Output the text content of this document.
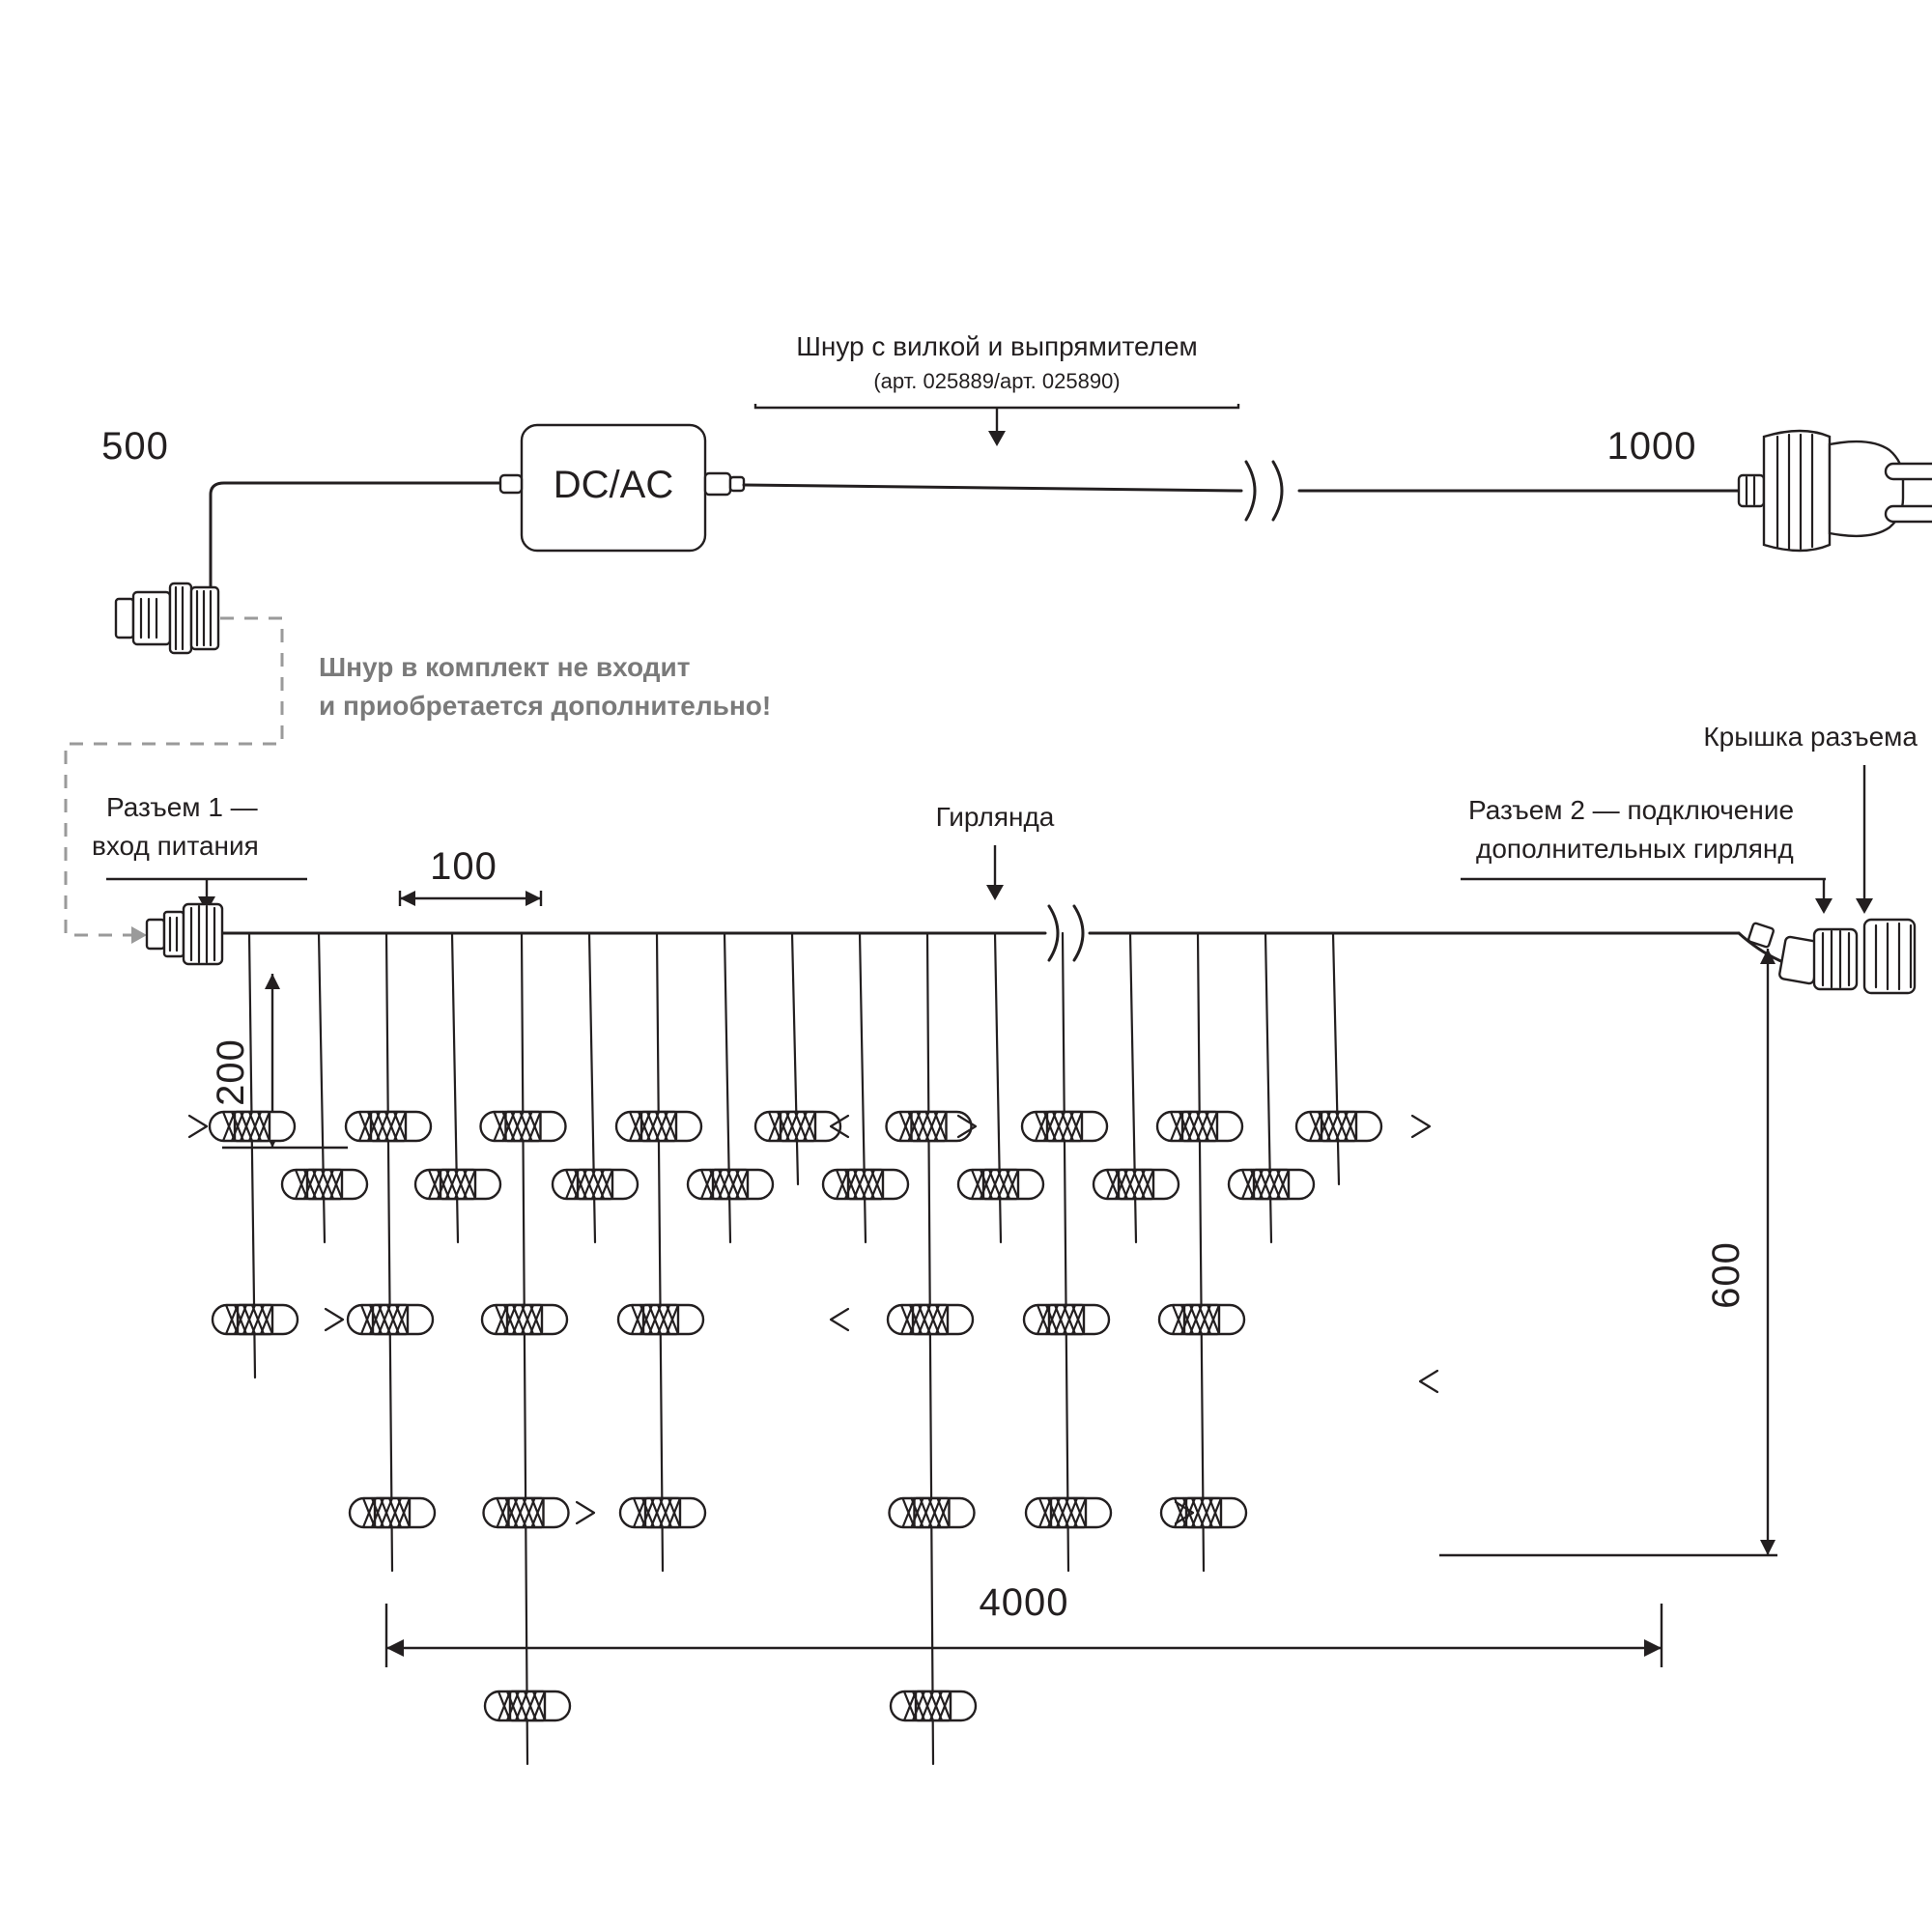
Шнур с вилкой и выпрямителем
(арт. 025889/арт. 025890)
500	1000
DC/AC
Шнур в комплект не входит
и приобретается дополнительно!
Разъем 1 —
вход питания
Гирлянда	Разъем 2 — подключение
дополнительных гирлянд
Крышка разъема
100
200
600
4000
